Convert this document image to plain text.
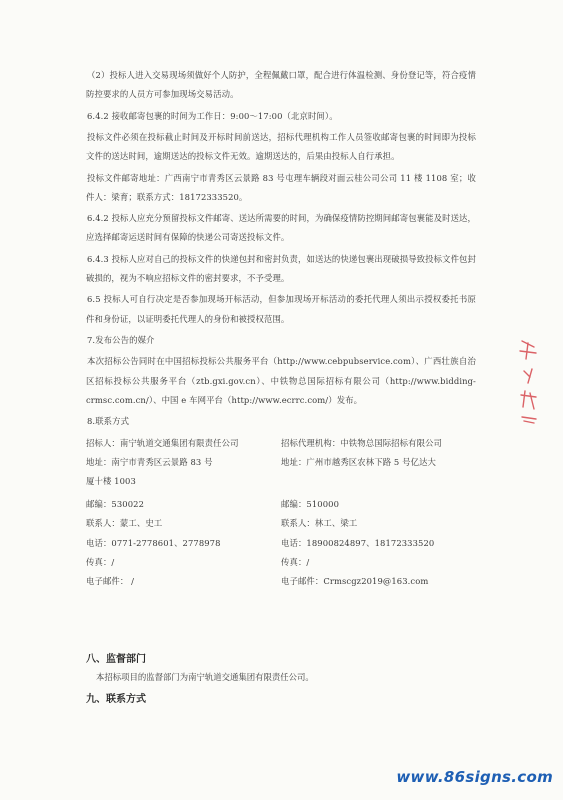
（2）投标人进入交易现场须做好个人防护，全程佩戴口罩，配合进行体温检测、身份登记等，符合疫情防控要求的人员方可参加现场交易活动。

6.4.2 接收邮寄包裹的时间为工作日：9:00～17:00（北京时间）。

投标文件必须在投标截止时间及开标时间前送达，招标代理机构工作人员签收邮寄包裹的时间即为投标文件的送达时间，逾期送达的投标文件无效。逾期送达的，后果由投标人自行承担。

投标文件邮寄地址：广西南宁市青秀区云景路 83 号屯理车辆段对面云桂公司公司 11 楼 1108 室；收件人：梁育；联系方式：18172333520。

6.4.2 投标人应充分预留投标文件邮寄、送达所需要的时间，为确保疫情防控期间邮寄包裹能及时送达，应选择邮寄运送时间有保障的快递公司寄送投标文件。

6.4.3 投标人应对自己的投标文件的快递包封和密封负责，如送达的快递包裹出现破损导致投标文件包封破损的，视为不响应招标文件的密封要求，不予受理。

6.5 投标人可自行决定是否参加现场开标活动，但参加现场开标活动的委托代理人须出示授权委托书原件和身份证，以证明委托代理人的身份和被授权范围。

7.发布公告的媒介

本次招标公告同时在中国招标投标公共服务平台（http://www.cebpubservice.com）、广西壮族自治区招标投标公共服务平台（ztb.gxi.gov.cn）、中铁物总国际招标有限公司（http://www.bidding-crmsc.com.cn/）、中国 e 车网平台（http://www.ecrrc.com/）发布。

8.联系方式

招标人：南宁轨道交通集团有限责任公司	招标代理机构：中铁物总国际招标有限公司
地址：南宁市青秀区云景路 83 号	地址：广州市越秀区农林下路 5 号亿达大
厦十楼 1003
邮编：530022	邮编：510000
联系人：蒙工、史工	联系人：林工、梁工
电话：0771-2778601、2778978	电话：18900824897、18172333520
传真：/	传真：/
电子邮件： /	电子邮件：Crmscgz2019@163.com
八、监督部门
本招标项目的监督部门为南宁轨道交通集团有限责任公司。
九、联系方式
www.86signs.com
